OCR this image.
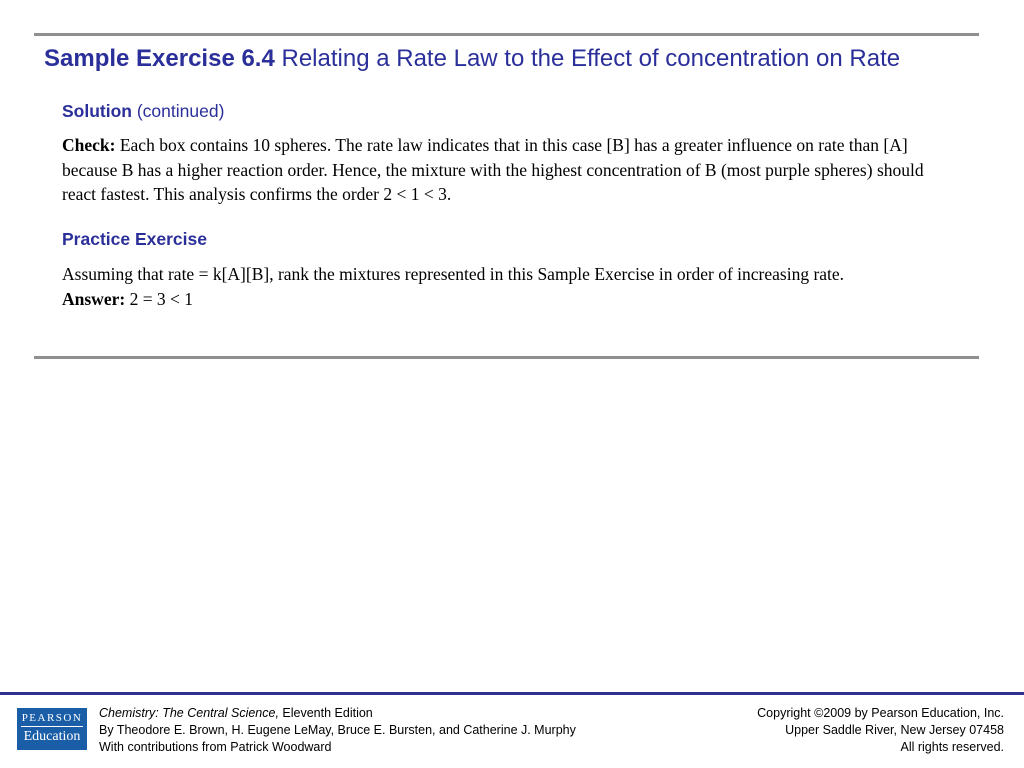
Sample Exercise 6.4 Relating a Rate Law to the Effect of concentration on Rate
Solution (continued)
Check: Each box contains 10 spheres. The rate law indicates that in this case [B] has a greater influence on rate than [A] because B has a higher reaction order. Hence, the mixture with the highest concentration of B (most purple spheres) should react fastest. This analysis confirms the order 2 < 1 < 3.
Practice Exercise
Assuming that rate = k[A][B], rank the mixtures represented in this Sample Exercise in order of increasing rate.
Answer: 2 = 3 < 1
PEARSON
Education
Chemistry: The Central Science, Eleventh Edition
By Theodore E. Brown, H. Eugene LeMay, Bruce E. Bursten, and Catherine J. Murphy
With contributions from Patrick Woodward
Copyright ©2009 by Pearson Education, Inc.
Upper Saddle River, New Jersey 07458
All rights reserved.
